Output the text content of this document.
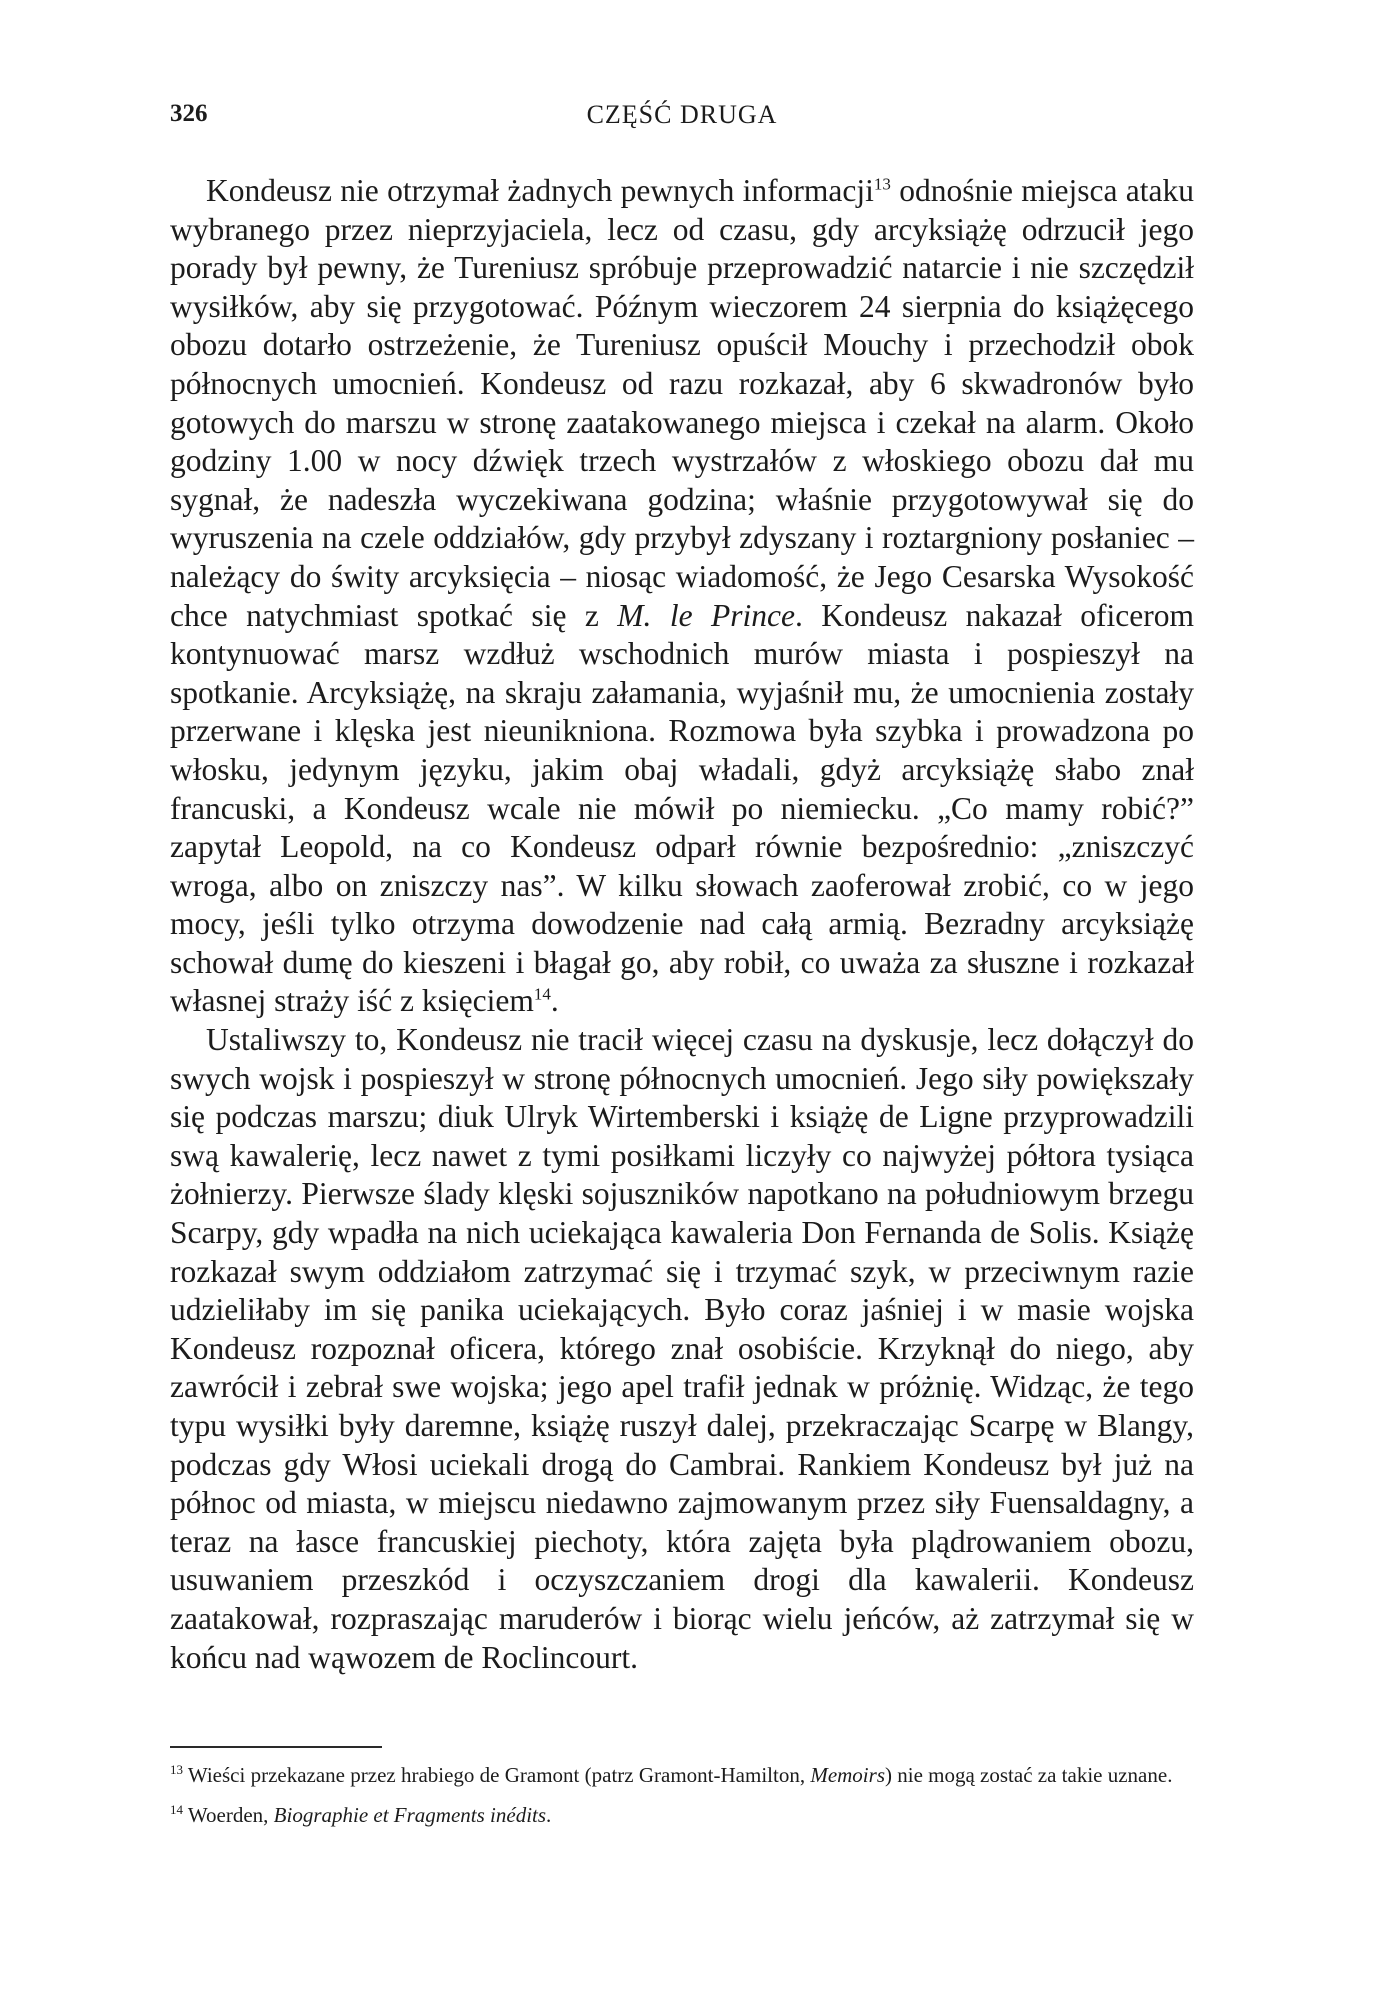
326	CZĘŚĆ DRUGA

Kondeusz nie otrzymał żadnych pewnych informacji$^{13}$ odnośnie miejsca ataku wybranego przez nieprzyjaciela, lecz od czasu, gdy arcyksiążę odrzucił jego porady był pewny, że Tureniusz spróbuje przeprowadzić natarcie i nie szczędził wysiłków, aby się przygotować. Późnym wieczorem 24 sierpnia do książęcego obozu dotarło ostrzeżenie, że Tureniusz opuścił Mouchy i przechodził obok północnych umocnień. Kondeusz od razu rozkazał, aby 6 skwadronów było gotowych do marszu w stronę zaatakowanego miejsca i czekał na alarm. Około godziny 1.00 w nocy dźwięk trzech wystrzałów z włoskiego obozu dał mu sygnał, że nadeszła wyczekiwana godzina; właśnie przygotowywał się do wyruszenia na czele oddziałów, gdy przybył zdyszany i roztargniony posłaniec – należący do świty arcyksięcia – niosąc wiadomość, że Jego Cesarska Wysokość chce natychmiast spotkać się z M. le Prince. Kondeusz nakazał oficerom kontynuować marsz wzdłuż wschodnich murów miasta i pospieszył na spotkanie. Arcyksiążę, na skraju załamania, wyjaśnił mu, że umocnienia zostały przerwane i klęska jest nieunikniona. Rozmowa była szybka i prowadzona po włosku, jedynym języku, jakim obaj władali, gdyż arcyksiążę słabo znał francuski, a Kondeusz wcale nie mówił po niemiecku. „Co mamy robić?” zapytał Leopold, na co Kondeusz odparł równie bezpośrednio: „zniszczyć wroga, albo on zniszczy nas”. W kilku słowach zaoferował zrobić, co w jego mocy, jeśli tylko otrzyma dowodzenie nad całą armią. Bezradny arcyksiążę schował dumę do kieszeni i błagał go, aby robił, co uważa za słuszne i rozkazał własnej straży iść z księciem$^{14}$.

Ustaliwszy to, Kondeusz nie tracił więcej czasu na dyskusje, lecz dołączył do swych wojsk i pospieszył w stronę północnych umocnień. Jego siły powiększały się podczas marszu; diuk Ulryk Wirtemberski i książę de Ligne przyprowadzili swą kawalerię, lecz nawet z tymi posiłkami liczyły co najwyżej półtora tysiąca żołnierzy. Pierwsze ślady klęski sojuszników napotkano na południowym brzegu Scarpy, gdy wpadła na nich uciekająca kawaleria Don Fernanda de Solis. Książę rozkazał swym oddziałom zatrzymać się i trzymać szyk, w przeciwnym razie udzieliłaby im się panika uciekających. Było coraz jaśniej i w masie wojska Kondeusz rozpoznał oficera, którego znał osobiście. Krzyknął do niego, aby zawrócił i zebrał swe wojska; jego apel trafił jednak w próżnię. Widząc, że tego typu wysiłki były daremne, książę ruszył dalej, przekraczając Scarpę w Blangy, podczas gdy Włosi uciekali drogą do Cambrai. Rankiem Kondeusz był już na północ od miasta, w miejscu niedawno zajmowanym przez siły Fuensaldagny, a teraz na łasce francuskiej piechoty, która zajęta była plądrowaniem obozu, usuwaniem przeszkód i oczyszczaniem drogi dla kawalerii. Kondeusz zaatakował, rozpraszając maruderów i biorąc wielu jeńców, aż zatrzymał się w końcu nad wąwozem de Roclincourt.

$^{13}$ Wieści przekazane przez hrabiego de Gramont (patrz Gramont-Hamilton, Memoirs) nie mogą zostać za takie uznane.

$^{14}$ Woerden, Biographie et Fragments inédits.
